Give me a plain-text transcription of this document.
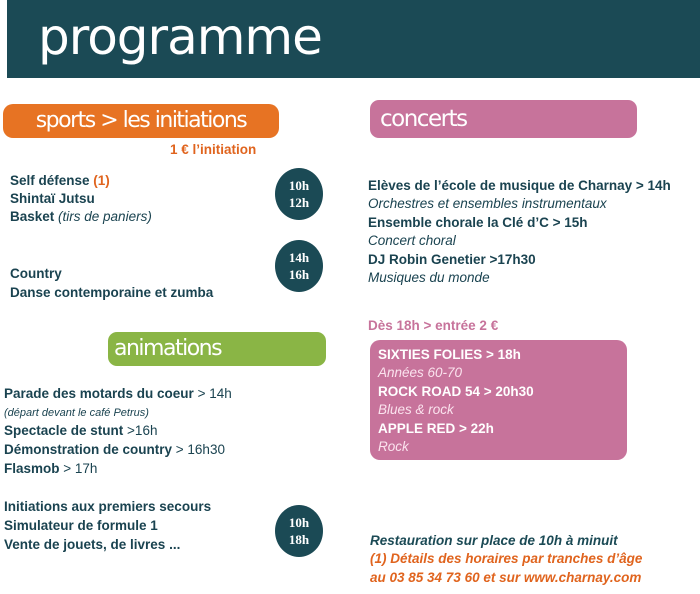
programme
sports > les initiations
1 € l’initiation
Self défense (1)
Shintaï Jutsu
Basket (tirs de paniers)
10h
12h
Country
Danse contemporaine et zumba
14h
16h
animations
Parade des motards du coeur > 14h
(départ devant le café Petrus)
Spectacle de stunt >16h
Démonstration de country > 16h30
Flasmob > 17h
Initiations aux premiers secours
Simulateur de formule 1
Vente de jouets, de livres ...
10h
18h
concerts
Elèves de l’école de musique de Charnay > 14h
Orchestres et ensembles instrumentaux
Ensemble chorale la Clé d’C > 15h
Concert choral
DJ Robin Genetier >17h30
Musiques du monde
Dès 18h > entrée 2 €
SIXTIES FOLIES > 18h
Années 60-70
ROCK ROAD 54 > 20h30
Blues & rock
APPLE RED > 22h
Rock
Restauration sur place de 10h à minuit
(1) Détails des horaires par tranches d’âge
au 03 85 34 73 60 et sur www.charnay.com
